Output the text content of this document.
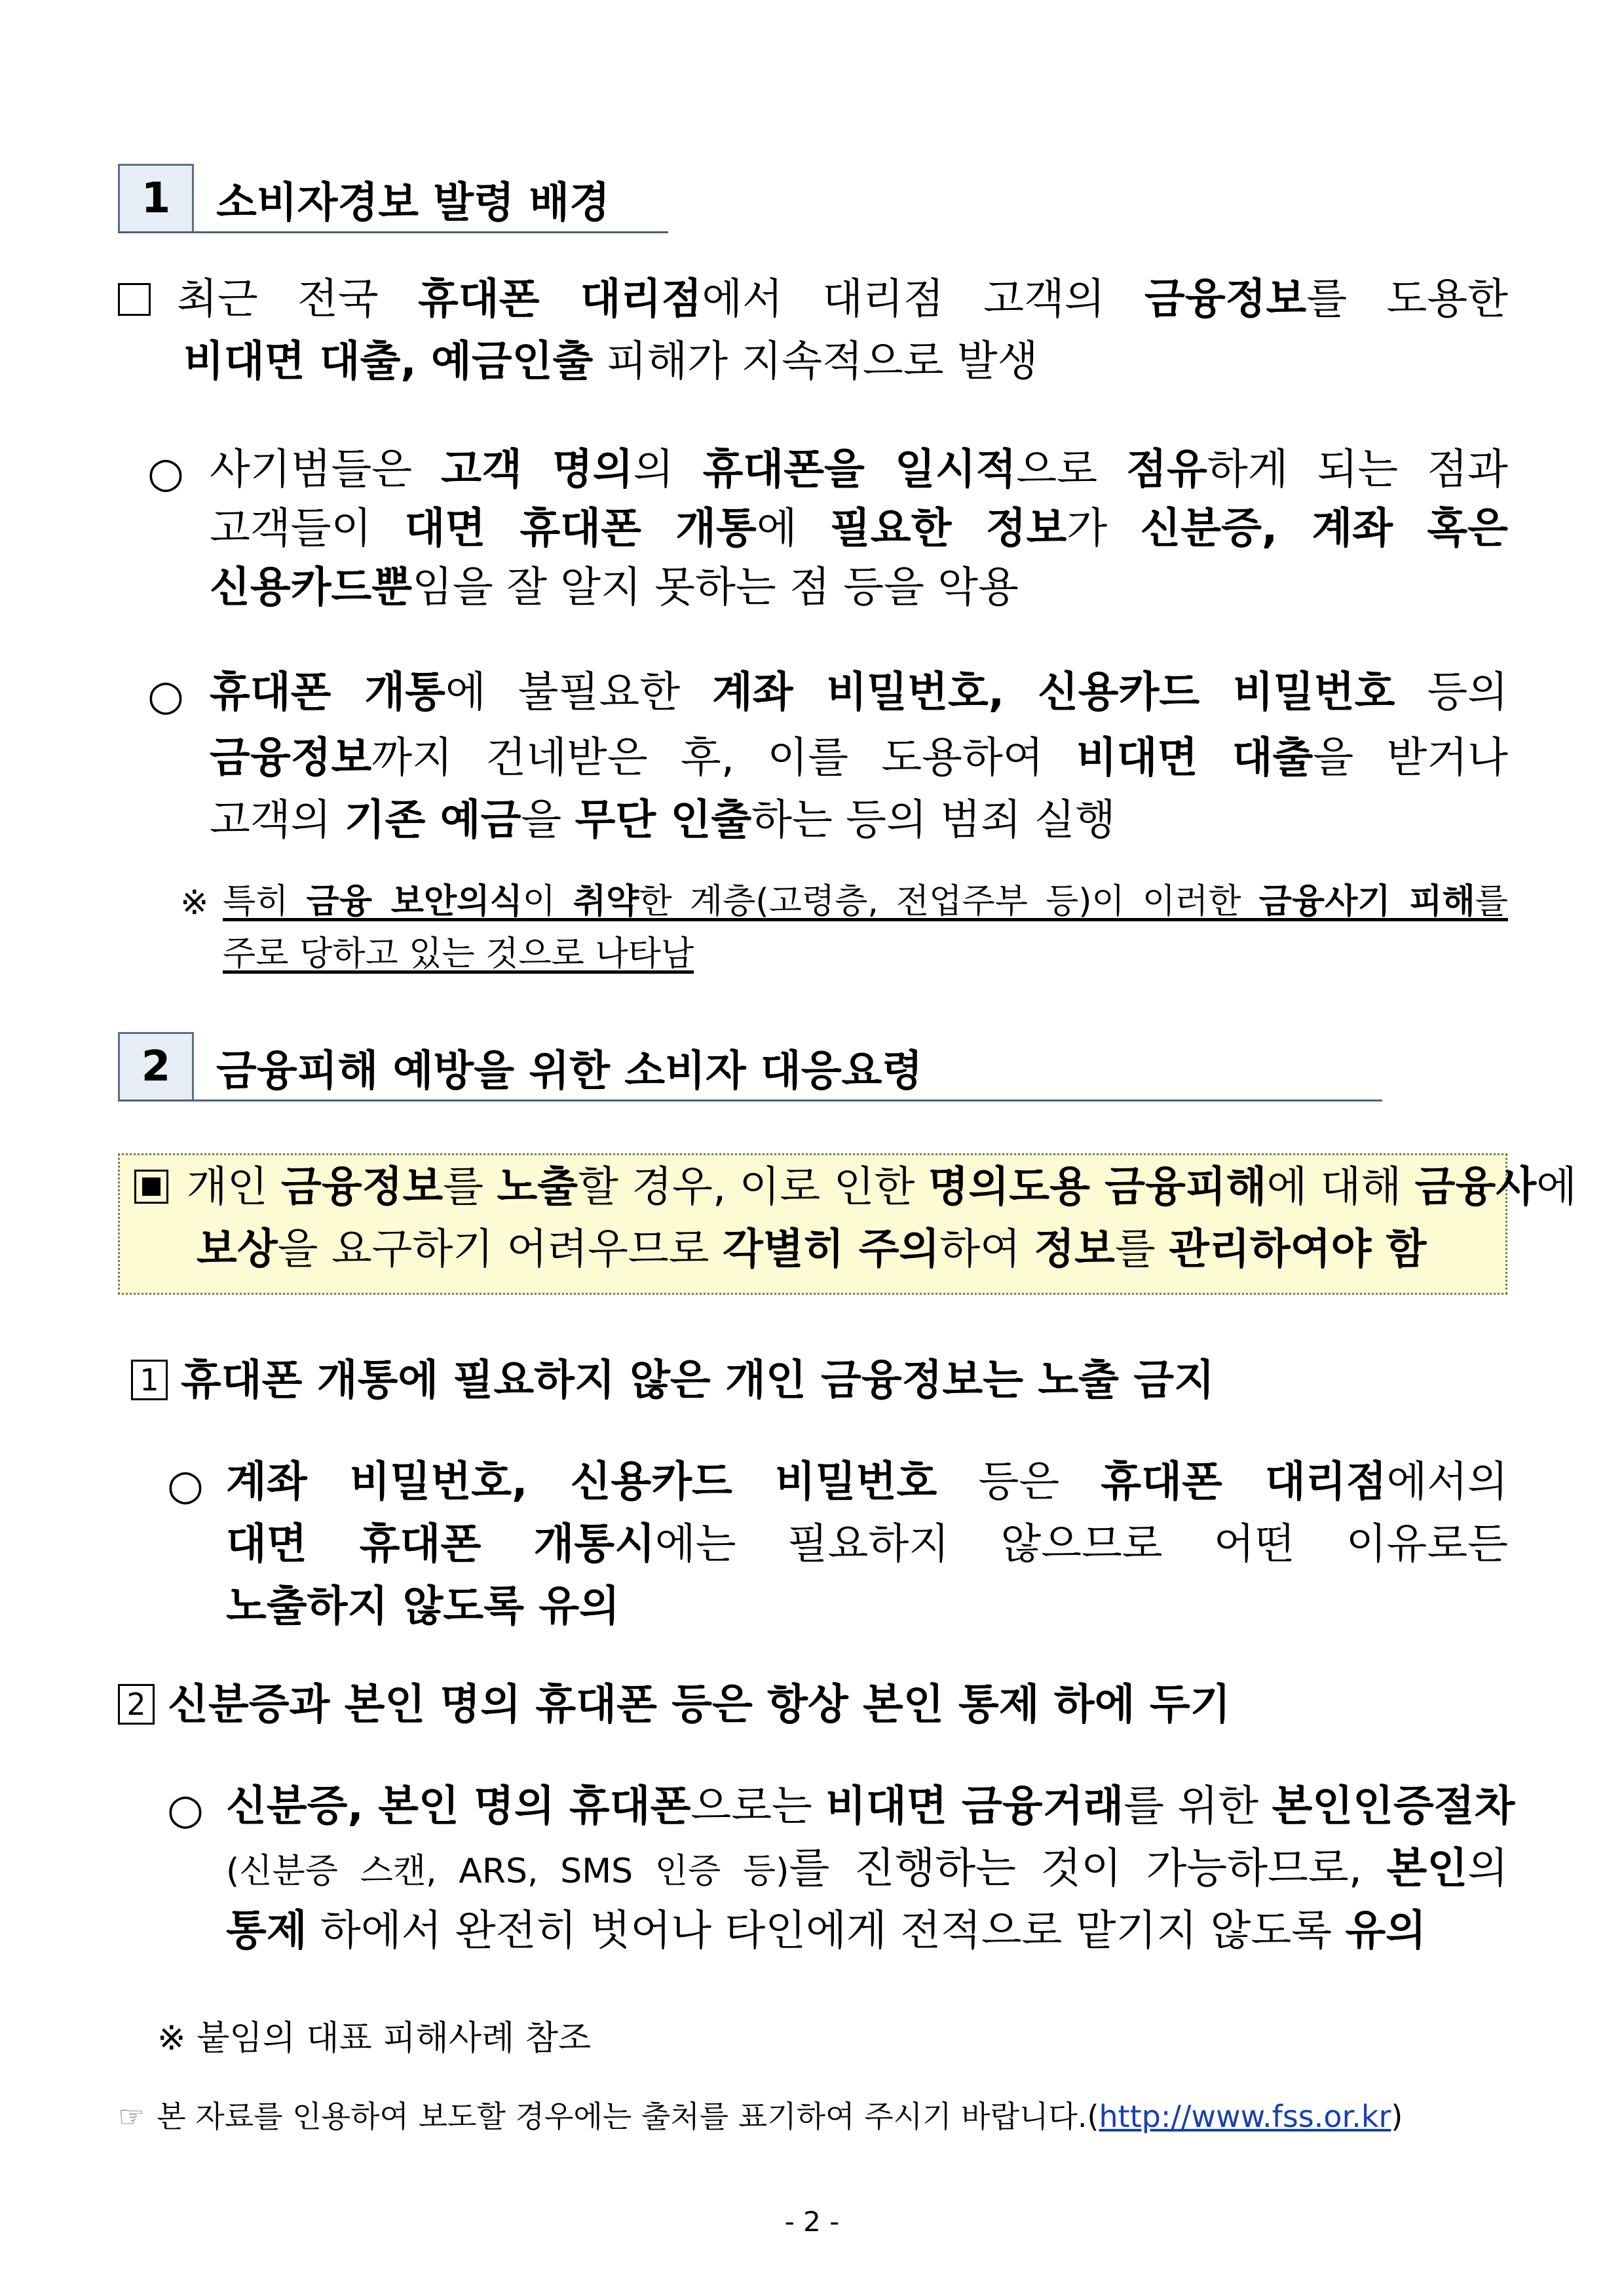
1	소비자경보 발령 배경
최근 전국 휴대폰 대리점에서 대리점 고객의 금융정보를 도용한
비대면 대출, 예금인출 피해가 지속적으로 발생
○ 사기범들은 고객 명의의 휴대폰을 일시적으로 점유하게 되는 점과
고객들이 대면 휴대폰 개통에 필요한 정보가 신분증, 계좌 혹은
신용카드뿐임을 잘 알지 못하는 점 등을 악용
○ 휴대폰 개통에 불필요한 계좌 비밀번호, 신용카드 비밀번호 등의
금융정보까지 건네받은 후, 이를 도용하여 비대면 대출을 받거나
고객의 기존 예금을 무단 인출하는 등의 범죄 실행
※ 특히 금융 보안의식이 취약한 계층(고령층, 전업주부 등)이 이러한 금융사기 피해를
주로 당하고 있는 것으로 나타남
2	금융피해 예방을 위한 소비자 대응요령
개인 금융정보를 노출할 경우, 이로 인한 명의도용 금융피해에 대해 금융사에
보상을 요구하기 어려우므로 각별히 주의하여 정보를 관리하여야 함
1 휴대폰 개통에 필요하지 않은 개인 금융정보는 노출 금지
○ 계좌 비밀번호, 신용카드 비밀번호 등은 휴대폰 대리점에서의
대면 휴대폰 개통시에는 필요하지 않으므로 어떤 이유로든
노출하지 않도록 유의
2 신분증과 본인 명의 휴대폰 등은 항상 본인 통제 하에 두기
○ 신분증, 본인 명의 휴대폰으로는 비대면 금융거래를 위한 본인인증절차
(신분증 스캔, ARS, SMS 인증 등)를 진행하는 것이 가능하므로, 본인의
통제 하에서 완전히 벗어나 타인에게 전적으로 맡기지 않도록 유의
※ 붙임의 대표 피해사례 참조
☞ 본 자료를 인용하여 보도할 경우에는 출처를 표기하여 주시기 바랍니다.(http://www.fss.or.kr)
- 2 -
